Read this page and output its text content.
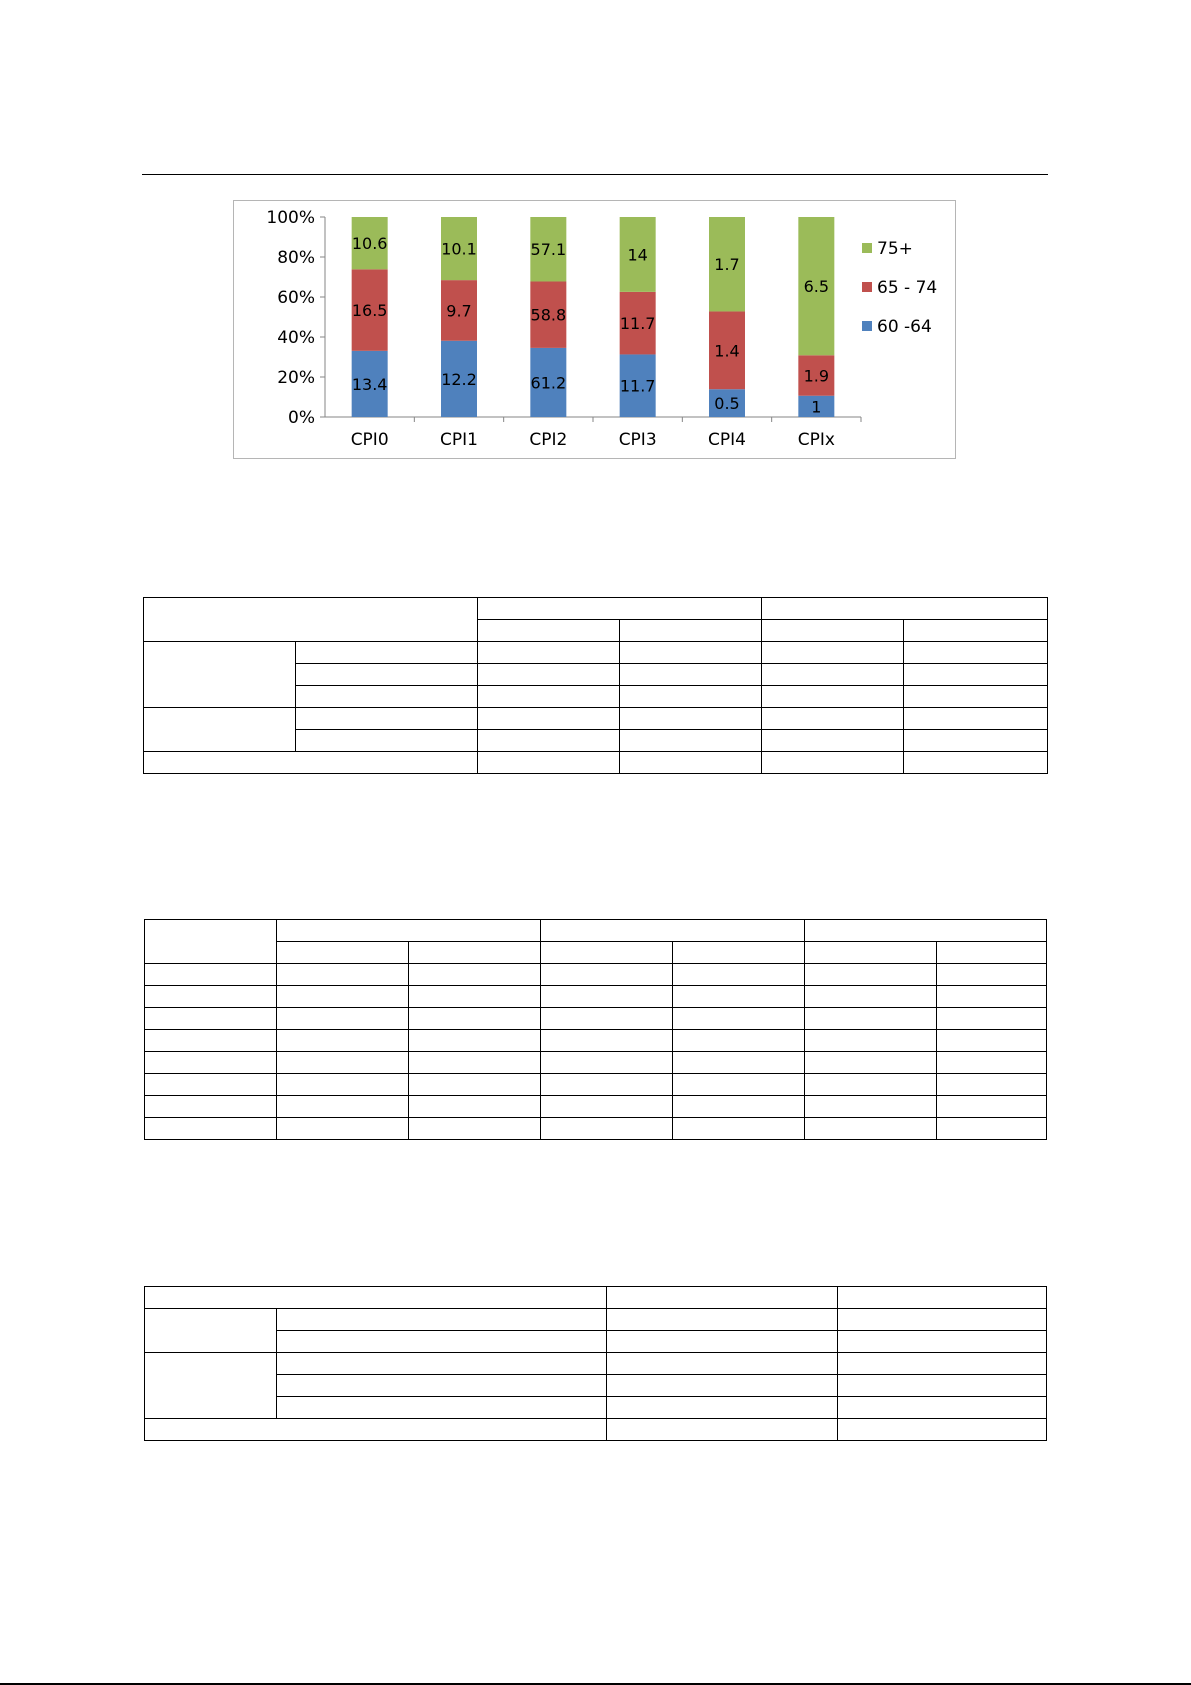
0%
20%
40%
60%
80%
100%
13.4
16.5
10.6
CPI0
12.2
9.7
10.1
CPI1
61.2
58.8
57.1
CPI2
11.7
11.7
14
CPI3
0.5
1.4
1.7
CPI4
1
1.9
6.5
CPIx
75+
65 - 74
60 -64
